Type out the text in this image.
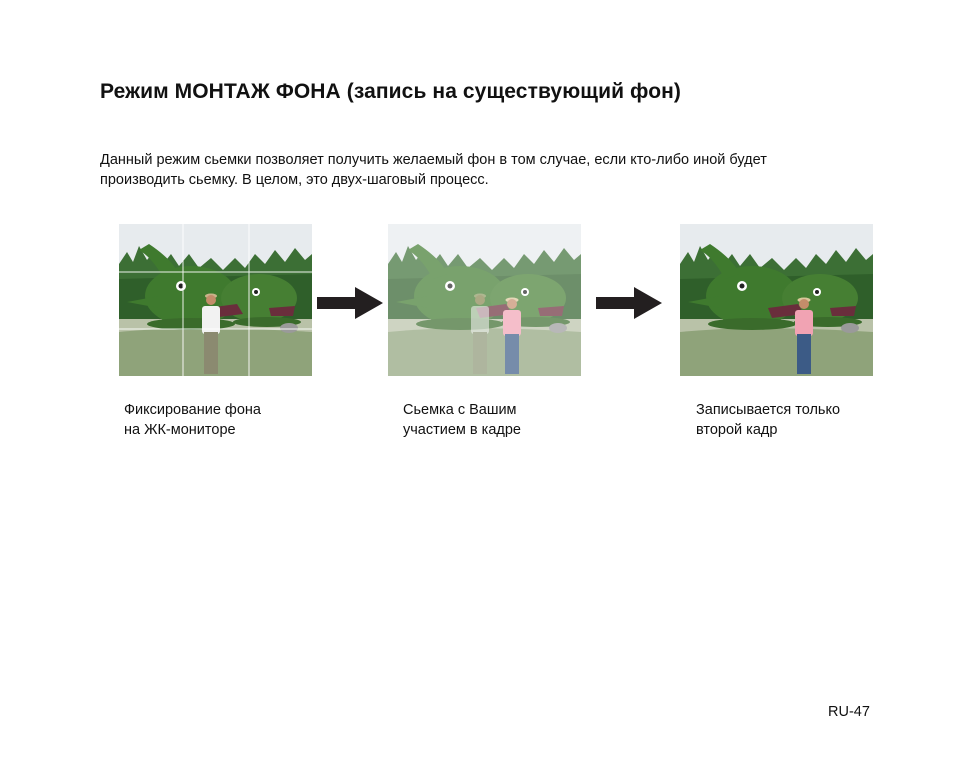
Режим МОНТАЖ ФОНА (запись на существующий фон)

Данный режим сьемки позволяет получить желаемый фон в том случае, если кто-либо иной будет
производить сьемку. В целом, это двух-шаговый процесс.

Фиксирование фона
на ЖК-мониторе

Сьемка с Вашим
участием в кадре

Записывается только
второй кадр

RU-47
